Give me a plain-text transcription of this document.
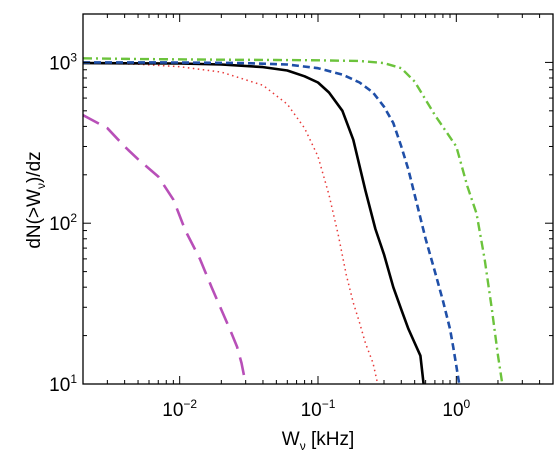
$10^{-2}$	$10^{-1}$	$10^0$
$10^1$
$10^2$
$10^3$
$W_\nu$ [kHz]
$dN(>W_\nu)/dz$
